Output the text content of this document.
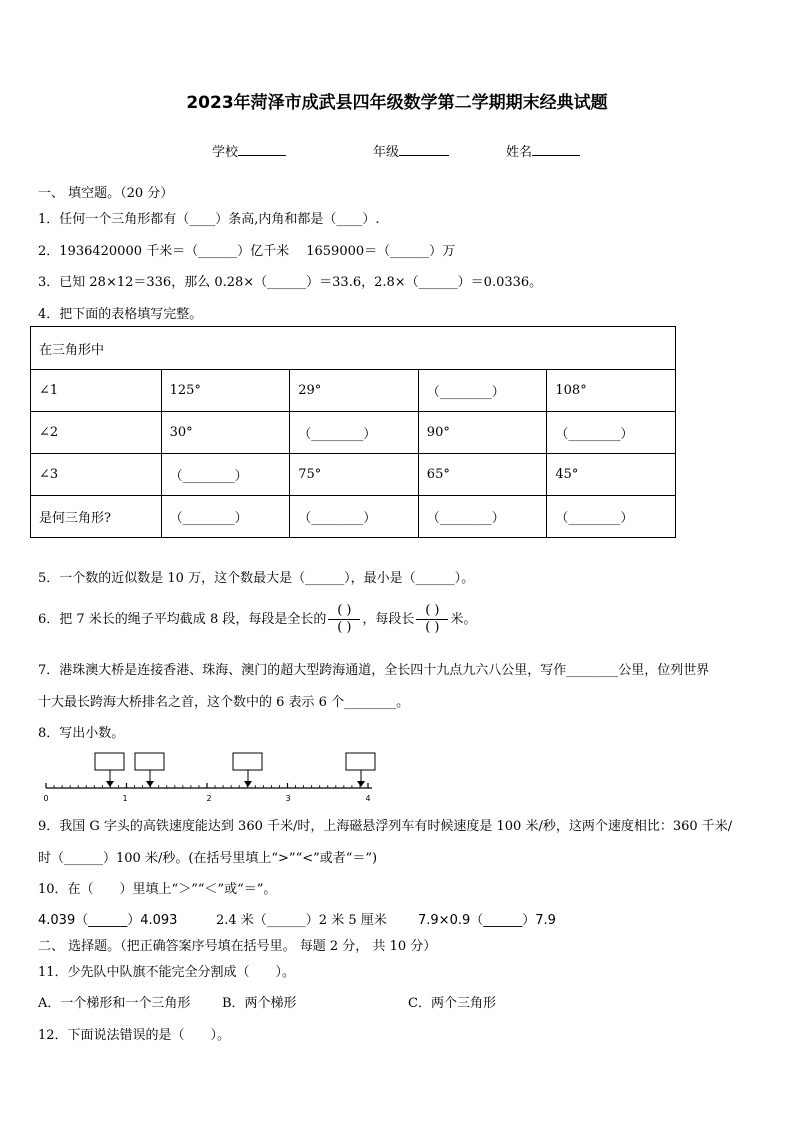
2023年菏泽市成武县四年级数学第二学期期末经典试题
学校	年级	姓名
一、 填空题。（20 分）
1．任何一个三角形都有（____）条高,内角和都是（____）.
2．1936420000 千米＝（______）亿千米　 1659000＝（______）万
3．已知 28×12＝336，那么 0.28×（______）＝33.6，2.8×（______）＝0.0336。
4．把下面的表格填写完整。
在三角形中				
∠1	125°	29°	（________）	108°
∠2	30°	（________）	90°	（________）
∠3	（________）	75°	65°	45°
是何三角形?	（________）	（________）	（________）	（________）
5．一个数的近似数是 10 万，这个数最大是（______），最小是（______）。
6．把 7 米长的绳子平均截成 8 段，每段是全长的 $\frac{( )}{( )}$ ，每段长 $\frac{( )}{( )}$ 米。
7．港珠澳大桥是连接香港、珠海、澳门的超大型跨海通道，全长四十九点九六八公里，写作________公里，位列世界
十大最长跨海大桥排名之首，这个数中的 6 表示 6 个________。
8．写出小数。
0	1	2	3	4
9．我国 G 字头的高铁速度能达到 360 千米/时，上海磁悬浮列车有时候速度是 100 米/秒，这两个速度相比：360 千米/
时（______）100 米/秒。(在括号里填上“>”“<”或者“＝”)
10．在（　　）里填上“＞”“＜”或“＝”。
4.039（______）4.093	2.4 米（______）2 米 5 厘米 7.9×0.9（______）7.9
二、 选择题。（把正确答案序号填在括号里。 每题 2 分， 共 10 分）
11．少先队中队旗不能完全分割成（　　）。
A．一个梯形和一个三角形 B．两个梯形	C．两个三角形
12．下面说法错误的是（　　）。
